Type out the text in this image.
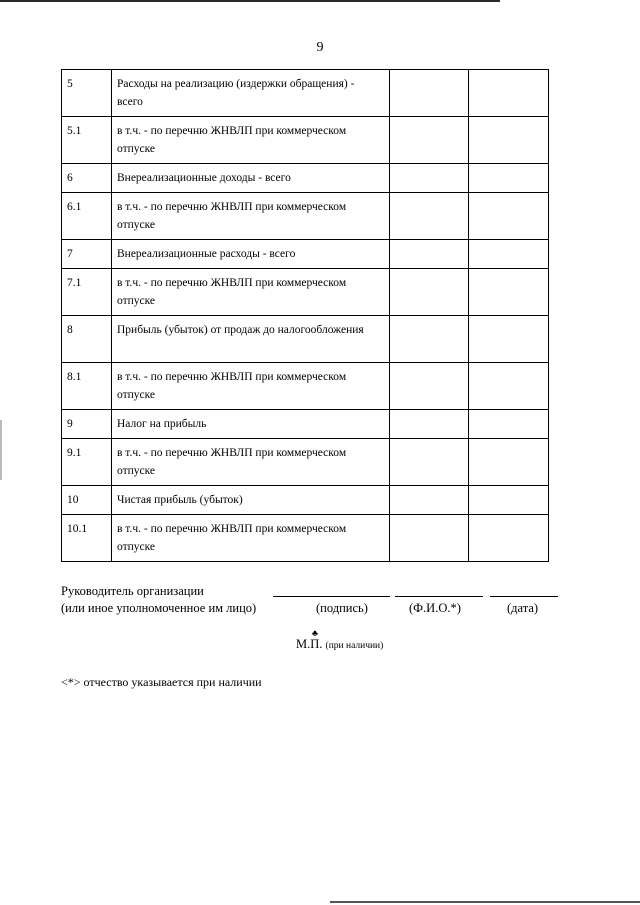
9
5	Расходы на реализацию (издержки обращения) - всего		
5.1	в т.ч. - по перечню ЖНВЛП при коммерческом отпуске		
6	Внереализационные доходы - всего		
6.1	в т.ч. - по перечню ЖНВЛП при коммерческом отпуске		
7	Внереализационные расходы - всего		
7.1	в т.ч. - по перечню ЖНВЛП при коммерческом отпуске		
8	Прибыль (убыток) от продаж до налогообложения		
8.1	в т.ч. - по перечню ЖНВЛП при коммерческом отпуске		
9	Налог на прибыль		
9.1	в т.ч. - по перечню ЖНВЛП при коммерческом отпуске		
10	Чистая прибыль (убыток)		
10.1	в т.ч. - по перечню ЖНВЛП при коммерческом отпуске		
Руководитель организации
(или иное уполномоченное им лицо)	(подпись)	(Ф.И.О.*)	(дата)
♣
М.П. (при наличии)
<*> отчество указывается при наличии
